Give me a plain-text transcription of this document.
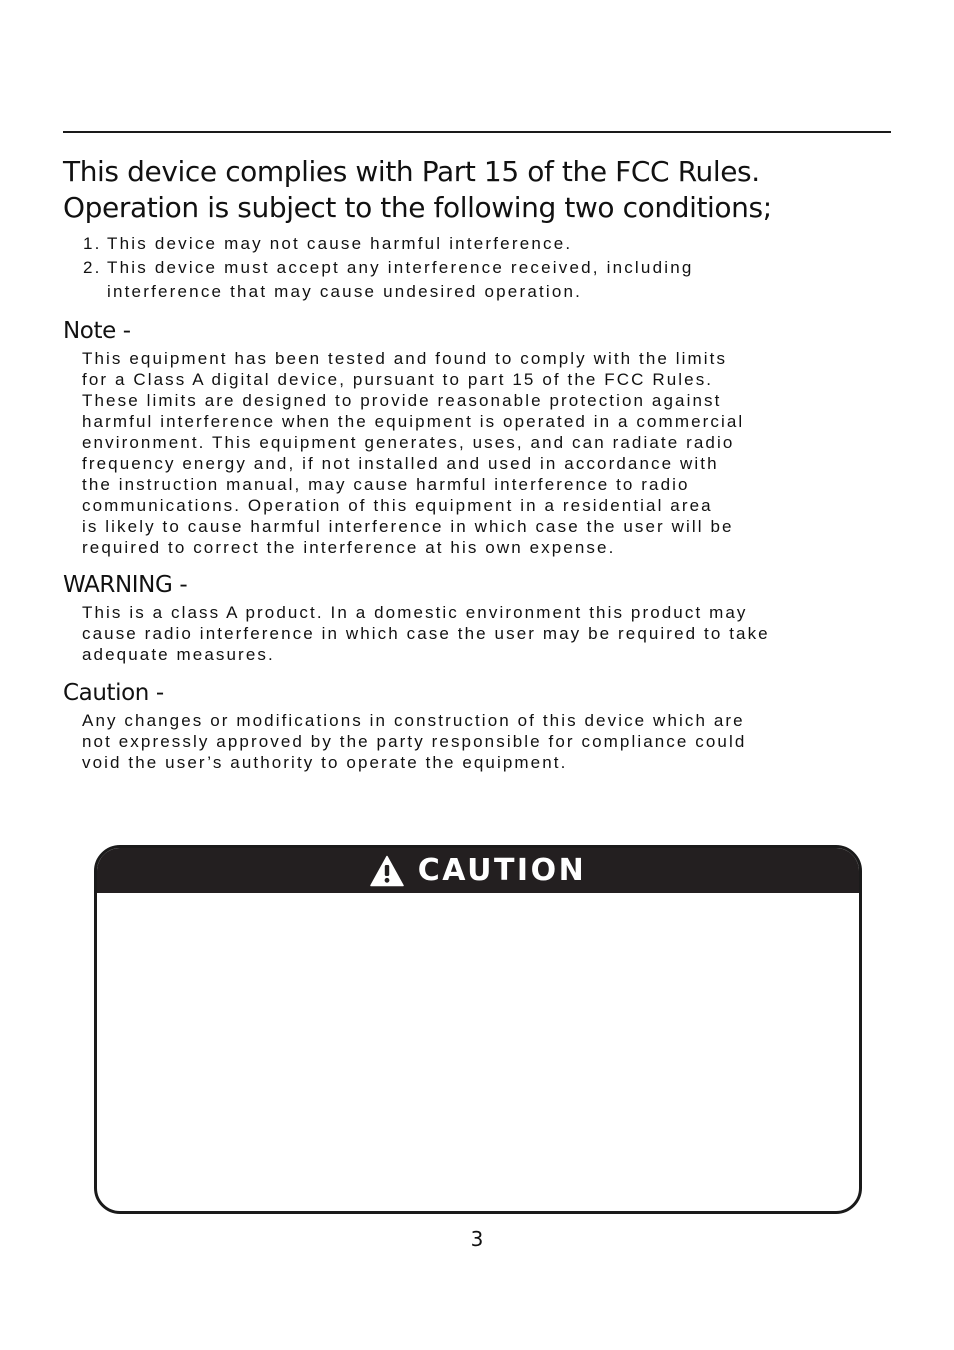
This device complies with Part 15 of the FCC Rules.
Operation is subject to the following two conditions;
1. This device may not cause harmful interference.
2. This device must accept any interference received, including
interference that may cause undesired operation.
Note -
This equipment has been tested and found to comply with the limits
for a Class A digital device, pursuant to part 15 of the FCC Rules.
These limits are designed to provide reasonable protection against
harmful interference when the equipment is operated in a commercial
environment. This equipment generates, uses, and can radiate radio
frequency energy and, if not installed and used in accordance with
the instruction manual, may cause harmful interference to radio
communications. Operation of this equipment in a residential area
is likely to cause harmful interference in which case the user will be
required to correct the interference at his own expense.
WARNING -
This is a class A product. In a domestic environment this product may
cause radio interference in which case the user may be required to take
adequate measures.
Caution -
Any changes or modifications in construction of this device which are
not expressly approved by the party responsible for compliance could
void the user’s authority to operate the equipment.
CAUTION
3
